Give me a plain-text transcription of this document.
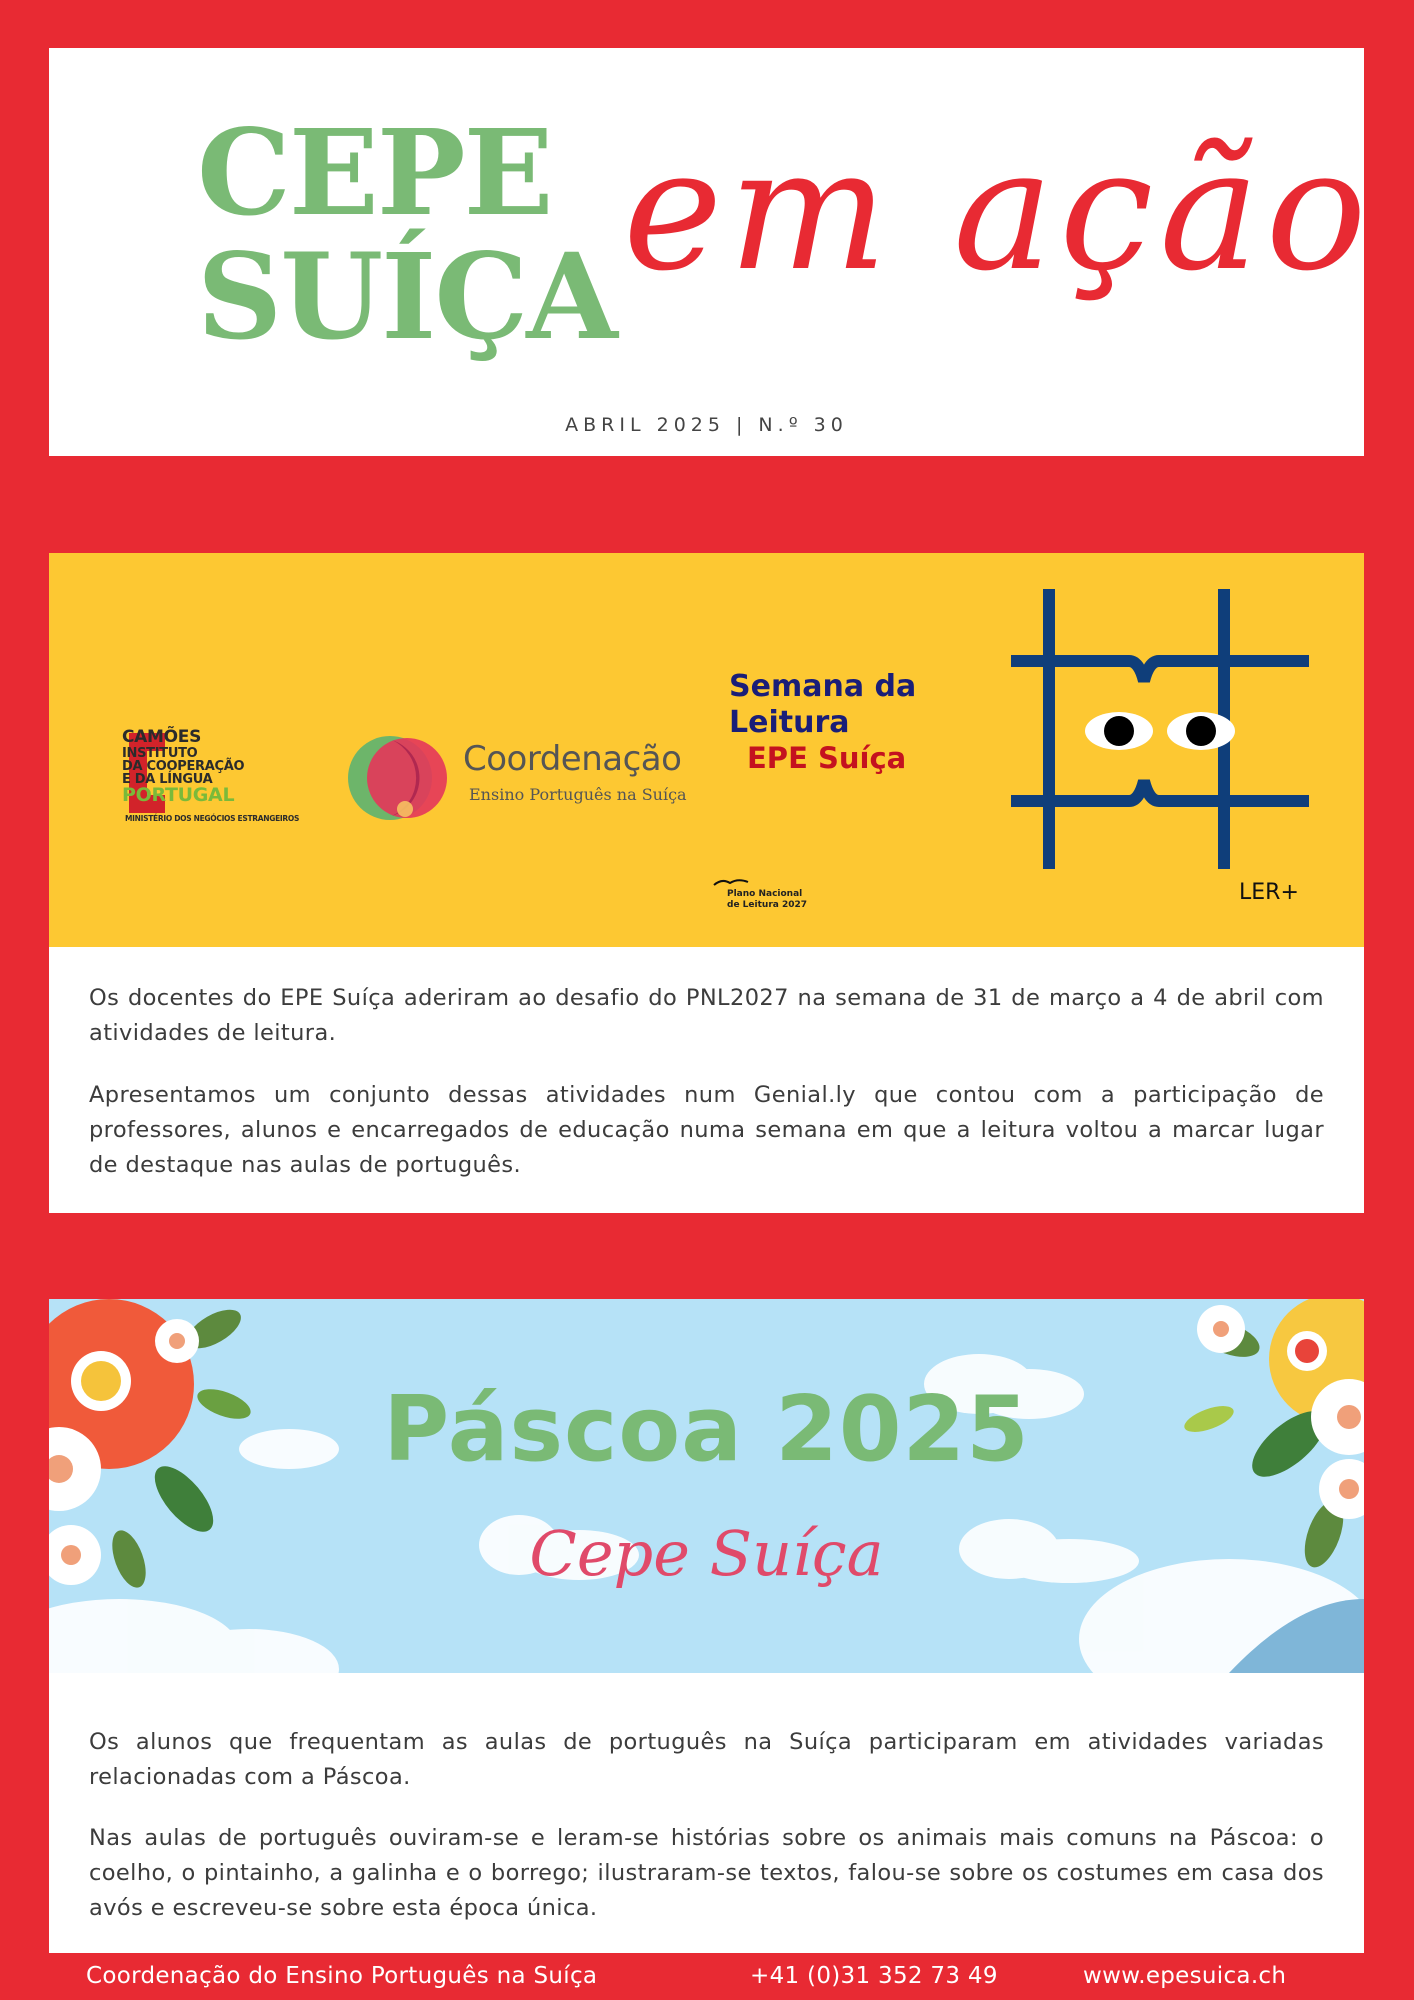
CEPE
SUÍÇA em ação
ABRIL 2025 | N.º 30
CAMÕES
INSTITUTO
DA COOPERAÇÃO
E DA LÍNGUA
PORTUGAL
MINISTÉRIO DOS NEGÓCIOS ESTRANGEIROS
Coordenação
Ensino Português na Suíça
Semana da Leitura
EPE Suíça
Plano Nacional de Leitura 2027	LER+

Os docentes do EPE Suíça aderiram ao desafio do PNL2027 na semana de 31 de março a 4 de abril com atividades de leitura.

Apresentamos um conjunto dessas atividades num Genial.ly que contou com a participação de professores, alunos e encarregados de educação numa semana em que a leitura voltou a marcar lugar de destaque nas aulas de português.

Páscoa 2025
Cepe Suíça

Os alunos que frequentam as aulas de português na Suíça participaram em atividades variadas relacionadas com a Páscoa.

Nas aulas de português ouviram-se e leram-se histórias sobre os animais mais comuns na Páscoa: o coelho, o pintainho, a galinha e o borrego; ilustraram-se textos, falou-se sobre os costumes em casa dos avós e escreveu-se sobre esta época única.

Coordenação do Ensino Português na Suíça	+41 (0)31 352 73 49	www.epesuica.ch
